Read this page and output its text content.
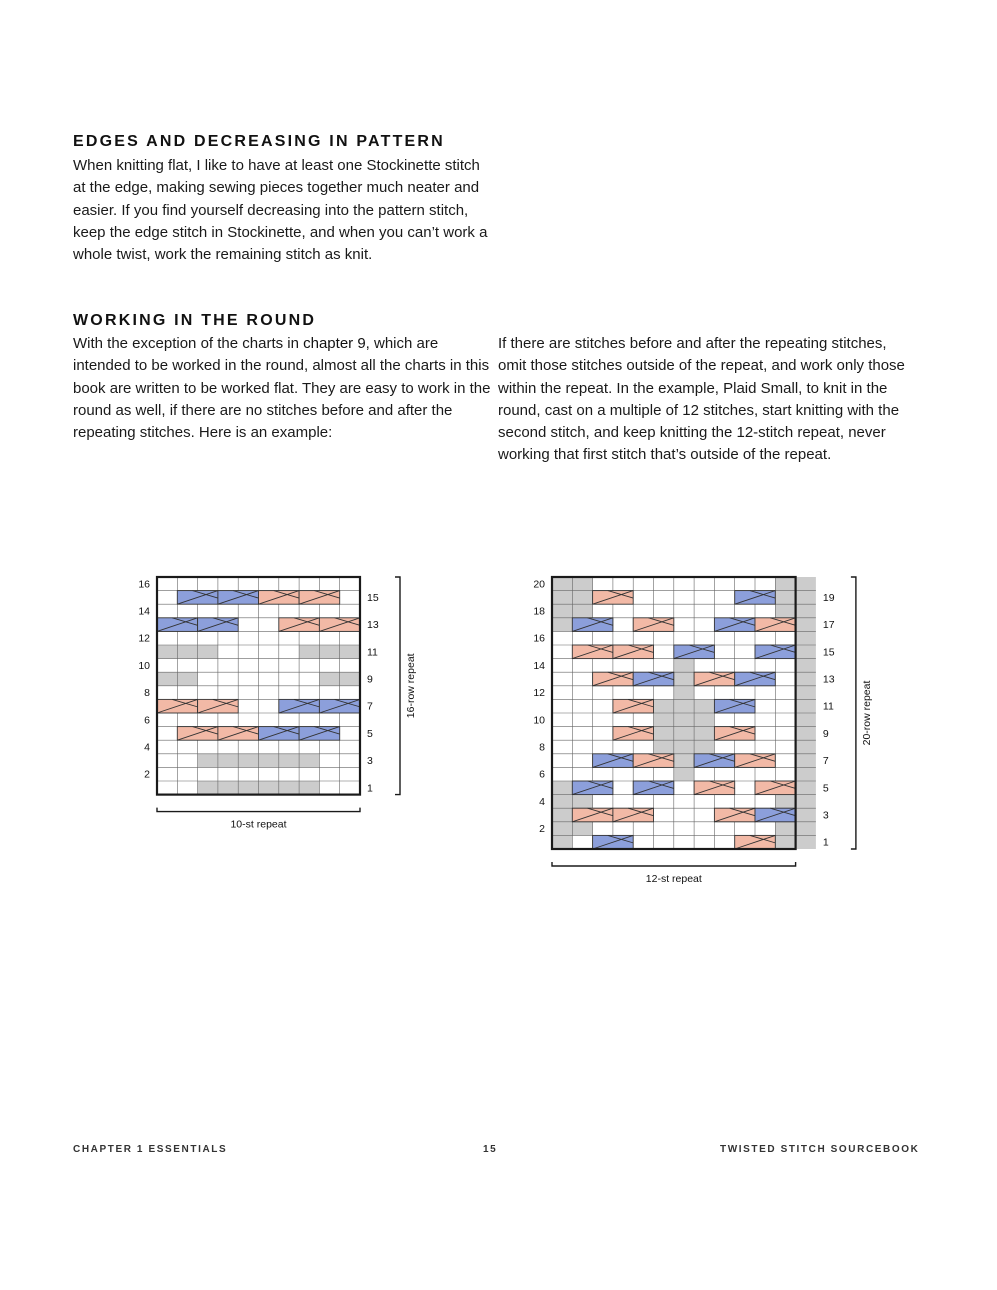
EDGES AND DECREASING IN PATTERN

When knitting flat, I like to have at least one Stockinette stitch at the edge, making sewing pieces together much neater and easier. If you find yourself decreasing into the pattern stitch, keep the edge stitch in Stockinette, and when you can’t work a whole twist, work the remaining stitch as knit.

WORKING IN THE ROUND

With the exception of the charts in chapter 9, which are intended to be worked in the round, almost all the charts in this book are written to be worked flat. They are easy to work in the round as well, if there are no stitches before and after the repeating stitches. Here is an example:

If there are stitches before and after the repeating stitches, omit those stitches outside of the repeat, and work only those within the repeat. In the example, Plaid Small, to knit in the round, cast on a multiple of 12 stitches, start knitting with the second stitch, and keep knitting the 12-stitch repeat, never working that first stitch that’s outside of the repeat.

16
14
12
10
8
6
4
2
15
13
11
9
7
5
3
1
16-row repeat
10-st repeat
20
18
16
14
12
10
8
6
4
2
19
17
15
13
11
9
7
5
3
1
20-row repeat
12-st repeat

CHAPTER 1 ESSENTIALS	15	TWISTED STITCH SOURCEBOOK
